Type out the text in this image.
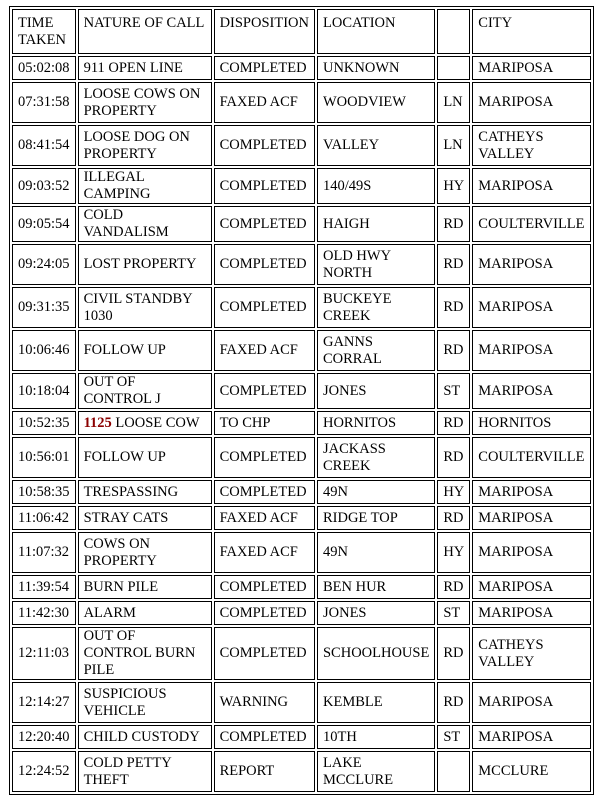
TIME TAKEN	NATURE OF CALL	DISPOSITION	LOCATION		CITY
05:02:08	911 OPEN LINE	COMPLETED	UNKNOWN		MARIPOSA
07:31:58	LOOSE COWS ON PROPERTY	FAXED ACF	WOODVIEW	LN	MARIPOSA
08:41:54	LOOSE DOG ON PROPERTY	COMPLETED	VALLEY	LN	CATHEYS VALLEY
09:03:52	ILLEGAL CAMPING	COMPLETED	140/49S	HY	MARIPOSA
09:05:54	COLD VANDALISM	COMPLETED	HAIGH	RD	COULTERVILLE
09:24:05	LOST PROPERTY	COMPLETED	OLD HWY NORTH	RD	MARIPOSA
09:31:35	CIVIL STANDBY 1030	COMPLETED	BUCKEYE CREEK	RD	MARIPOSA
10:06:46	FOLLOW UP	FAXED ACF	GANNS CORRAL	RD	MARIPOSA
10:18:04	OUT OF CONTROL J	COMPLETED	JONES	ST	MARIPOSA
10:52:35	1125 LOOSE COW	TO CHP	HORNITOS	RD	HORNITOS
10:56:01	FOLLOW UP	COMPLETED	JACKASS CREEK	RD	COULTERVILLE
10:58:35	TRESPASSING	COMPLETED	49N	HY	MARIPOSA
11:06:42	STRAY CATS	FAXED ACF	RIDGE TOP	RD	MARIPOSA
11:07:32	COWS ON PROPERTY	FAXED ACF	49N	HY	MARIPOSA
11:39:54	BURN PILE	COMPLETED	BEN HUR	RD	MARIPOSA
11:42:30	ALARM	COMPLETED	JONES	ST	MARIPOSA
12:11:03	OUT OF CONTROL BURN PILE	COMPLETED	SCHOOLHOUSE	RD	CATHEYS VALLEY
12:14:27	SUSPICIOUS VEHICLE	WARNING	KEMBLE	RD	MARIPOSA
12:20:40	CHILD CUSTODY	COMPLETED	10TH	ST	MARIPOSA
12:24:52	COLD PETTY THEFT	REPORT	LAKE MCCLURE		MCCLURE
